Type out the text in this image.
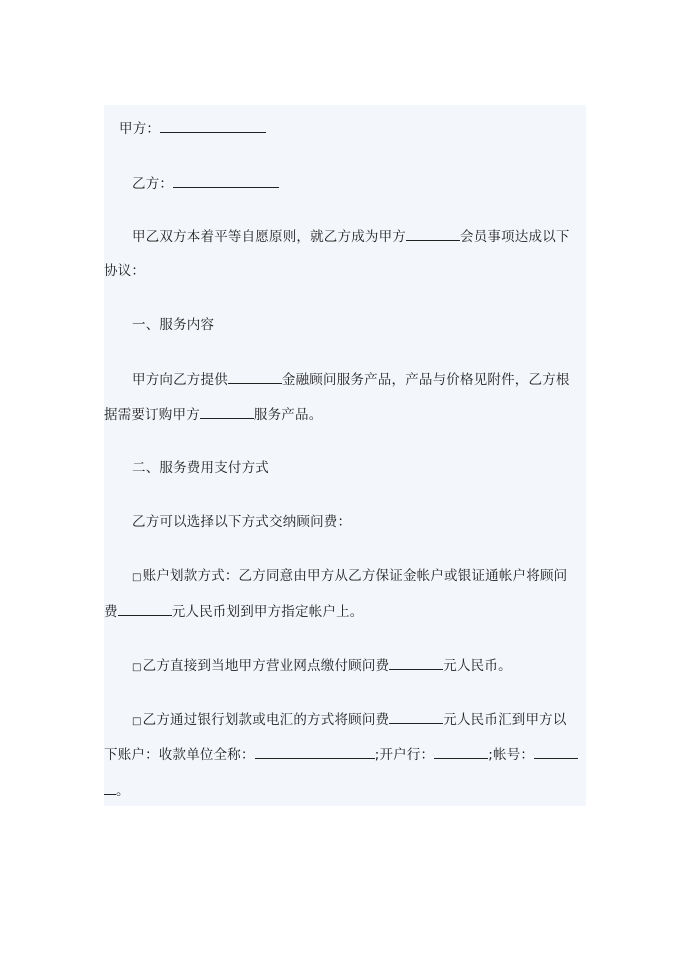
甲方：
乙方：
甲乙双方本着平等自愿原则，就乙方成为甲方	会员事项达成以下
协议：
一、服务内容
甲方向乙方提供	金融顾问服务产品，产品与价格见附件，乙方根
据需要订购甲方	服务产品。
二、服务费用支付方式
乙方可以选择以下方式交纳顾问费：
□账户划款方式：乙方同意由甲方从乙方保证金帐户或银证通帐户将顾问
费	元人民币划到甲方指定帐户上。
□乙方直接到当地甲方营业网点缴付顾问费	元人民币。
□乙方通过银行划款或电汇的方式将顾问费	元人民币汇到甲方以
下账户：收款单位全称：	;开户行：	;帐号：
。
